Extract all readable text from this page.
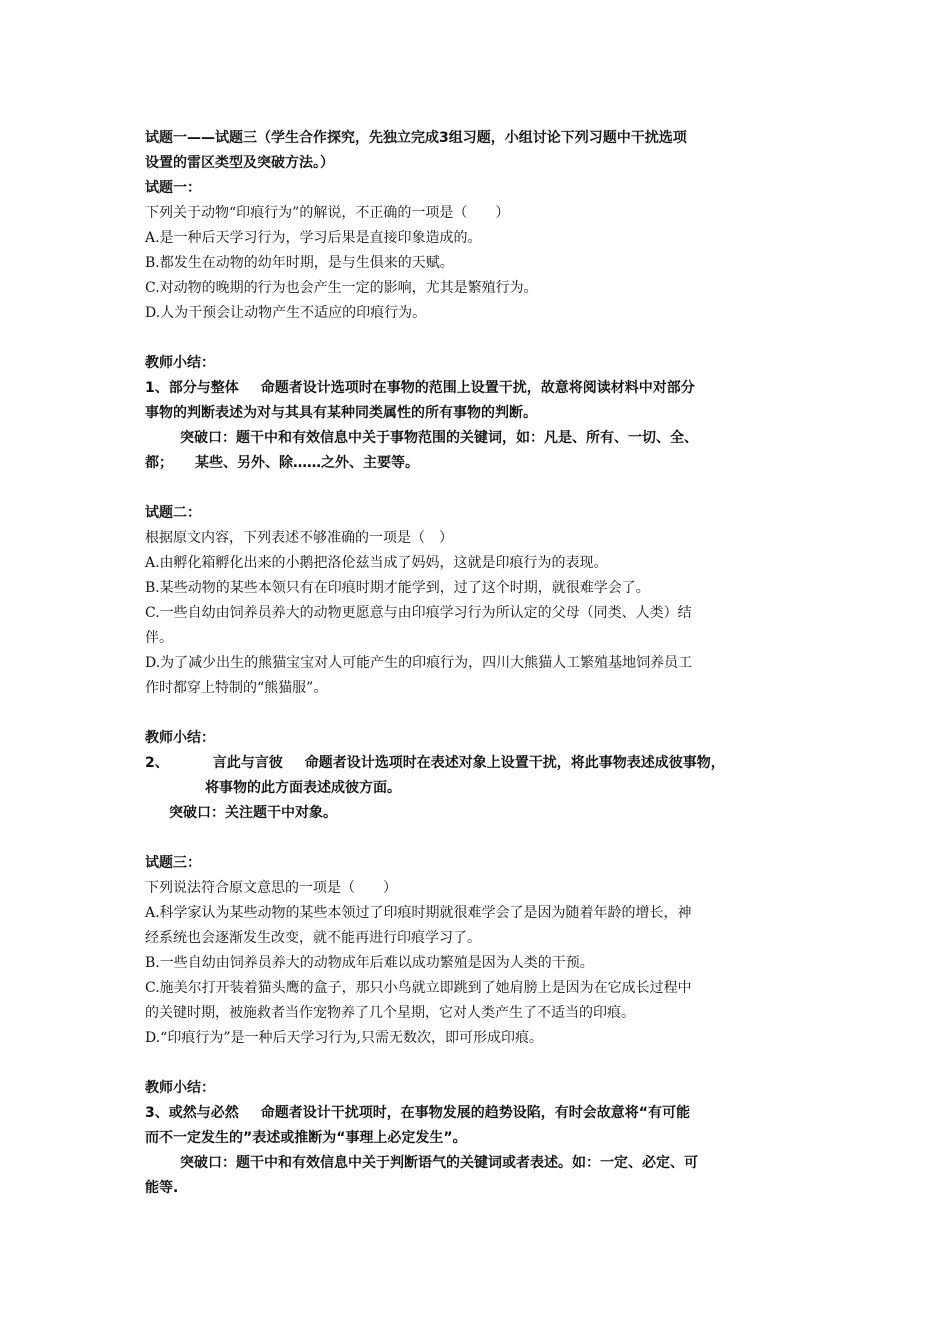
试题一——试题三（学生合作探究，先独立完成3组习题，小组讨论下列习题中干扰选项

设置的雷区类型及突破方法。）

试题一：

下列关于动物“印痕行为”的解说，不正确的一项是（　　）

A.是一种后天学习行为，学习后果是直接印象造成的。

B.都发生在动物的幼年时期，是与生俱来的天赋。

C.对动物的晚期的行为也会产生一定的影响，尤其是繁殖行为。

D.人为干预会让动物产生不适应的印痕行为。

教师小结：

1、部分与整体 命题者设计选项时在事物的范围上设置干扰，故意将阅读材料中对部分

事物的判断表述为对与其具有某种同类属性的所有事物的判断。

突破口：题干中和有效信息中关于事物范围的关键词，如：凡是、所有、一切、全、

都； 某些、另外、除……之外、主要等。

试题二：

根据原文内容，下列表述不够准确的一项是（　）

A.由孵化箱孵化出来的小鹅把洛伦兹当成了妈妈，这就是印痕行为的表现。

B.某些动物的某些本领只有在印痕时期才能学到，过了这个时期，就很难学会了。

C.一些自幼由饲养员养大的动物更愿意与由印痕学习行为所认定的父母（同类、人类）结

伴。

D.为了减少出生的熊猫宝宝对人可能产生的印痕行为，四川大熊猫人工繁殖基地饲养员工

作时都穿上特制的“熊猫服”。

教师小结：

2、	言此与言彼 命题者设计选项时在表述对象上设置干扰，将此事物表述成彼事物，

将事物的此方面表述成彼方面。

突破口：关注题干中对象。

试题三：

下列说法符合原文意思的一项是（　　）

A.科学家认为某些动物的某些本领过了印痕时期就很难学会了是因为随着年龄的增长，神

经系统也会逐渐发生改变，就不能再进行印痕学习了。

B.一些自幼由饲养员养大的动物成年后难以成功繁殖是因为人类的干预。

C.施美尔打开装着猫头鹰的盒子，那只小鸟就立即跳到了她肩膀上是因为在它成长过程中

的关键时期，被施救者当作宠物养了几个星期，它对人类产生了不适当的印痕。

D.“印痕行为”是一种后天学习行为,只需无数次，即可形成印痕。

教师小结：

3、或然与必然 命题者设计干扰项时，在事物发展的趋势设陷，有时会故意将“有可能

而不一定发生的”表述或推断为“事理上必定发生”。

突破口：题干中和有效信息中关于判断语气的关键词或者表述。如：一定、必定、可

能等.
